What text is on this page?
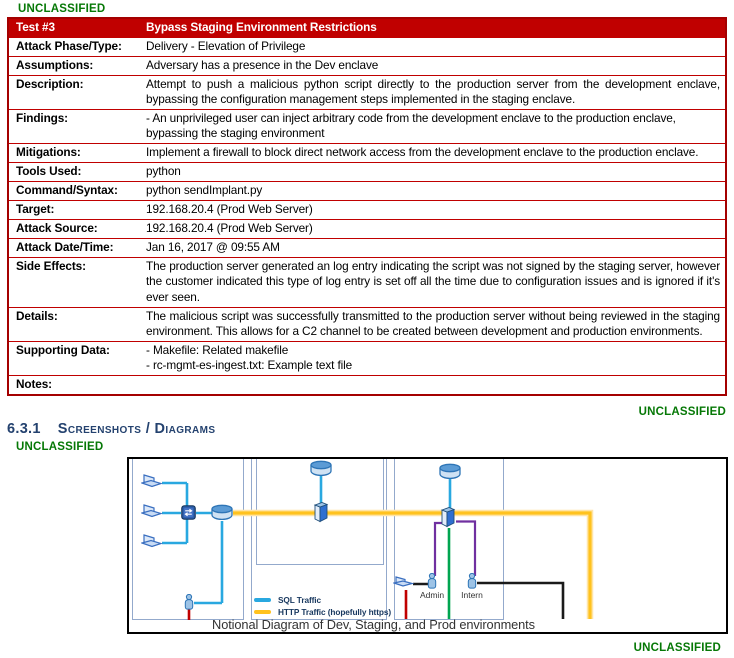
UNCLASSIFIED
Test #3	Bypass Staging Environment Restrictions
Attack Phase/Type:	Delivery - Elevation of Privilege
Assumptions:	Adversary has a presence in the Dev enclave
Description:	Attempt to push a malicious python script directly to the production server from the development enclave, bypassing the configuration management steps implemented in the staging enclave.
Findings:	- An unprivileged user can inject arbitrary code from the development enclave to the production enclave, bypassing the staging environment
Mitigations:	Implement a firewall to block direct network access from the development enclave to the production enclave.
Tools Used:	python
Command/Syntax:	python sendImplant.py
Target:	192.168.20.4 (Prod Web Server)
Attack Source:	192.168.20.4 (Prod Web Server)
Attack Date/Time:	Jan 16, 2017 @ 09:55 AM
Side Effects:	The production server generated an log entry indicating the script was not signed by the staging server, however the customer indicated this type of log entry is set off all the time due to configuration issues and is ignored if it's ever seen.
Details:	The malicious script was successfully transmitted to the production server without being reviewed in the staging environment. This allows for a C2 channel to be created between development and production environments.
Supporting Data:	- Makefile: Related makefile
- rc-mgmt-es-ingest.txt: Example text file

Notes:	
UNCLASSIFIED
6.3.1 Screenshots / Diagrams
UNCLASSIFIED
Admin	Intern
SQL Traffic
HTTP Traffic (hopefully https)
Notional Diagram of Dev, Staging, and Prod environments
UNCLASSIFIED
